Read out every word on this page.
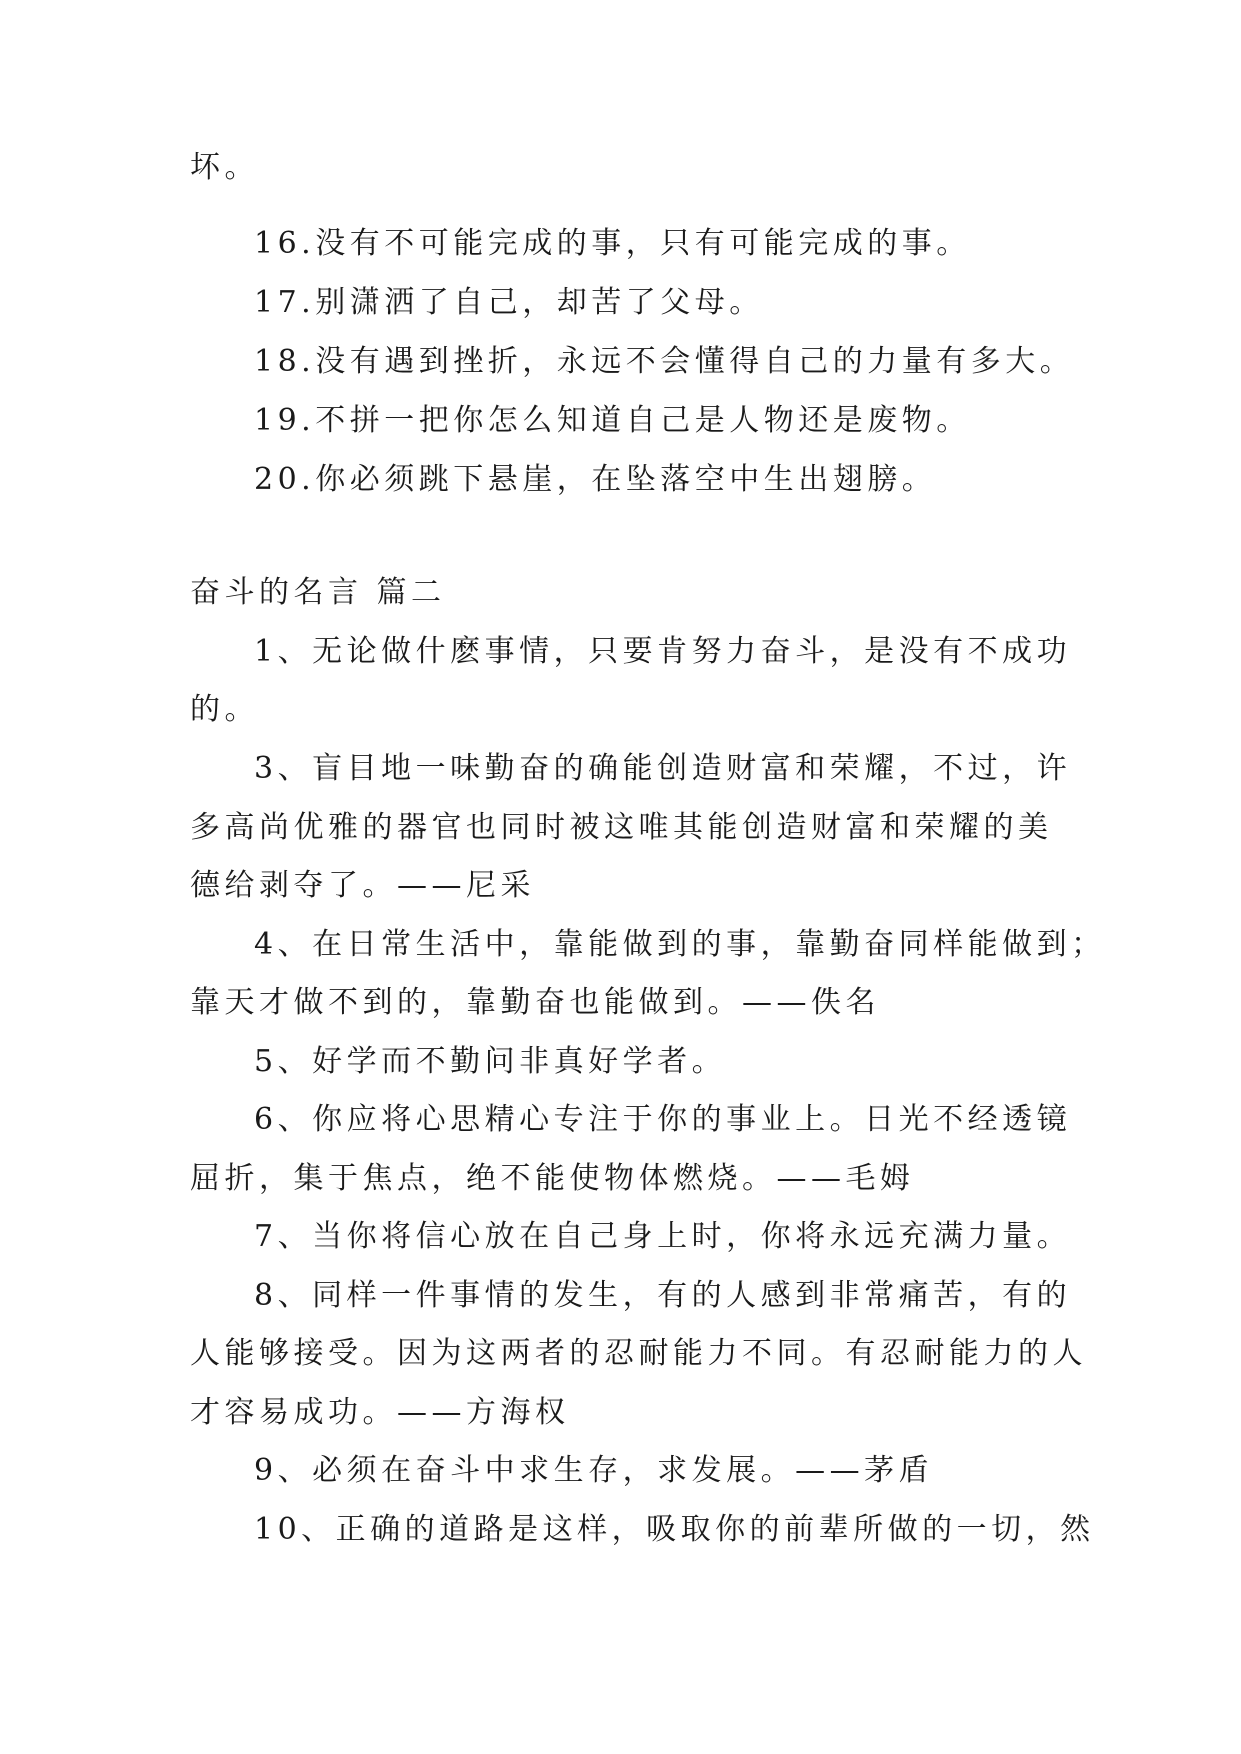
坏。
16.没有不可能完成的事，只有可能完成的事。
17.别潇洒了自己，却苦了父母。
18.没有遇到挫折，永远不会懂得自己的力量有多大。
19.不拼一把你怎么知道自己是人物还是废物。
20.你必须跳下悬崖，在坠落空中生出翅膀。
奋斗的名言 篇二
1、无论做什麽事情，只要肯努力奋斗，是没有不成功
的。
3、盲目地一味勤奋的确能创造财富和荣耀，不过，许
多高尚优雅的器官也同时被这唯其能创造财富和荣耀的美
德给剥夺了。——尼采
4、在日常生活中，靠能做到的事，靠勤奋同样能做到；
靠天才做不到的，靠勤奋也能做到。——佚名
5、好学而不勤问非真好学者。
6、你应将心思精心专注于你的事业上。日光不经透镜
屈折，集于焦点，绝不能使物体燃烧。——毛姆
7、当你将信心放在自己身上时，你将永远充满力量。
8、同样一件事情的发生，有的人感到非常痛苦，有的
人能够接受。因为这两者的忍耐能力不同。有忍耐能力的人
才容易成功。——方海权
9、必须在奋斗中求生存，求发展。——茅盾
10、正确的道路是这样，吸取你的前辈所做的一切，然
